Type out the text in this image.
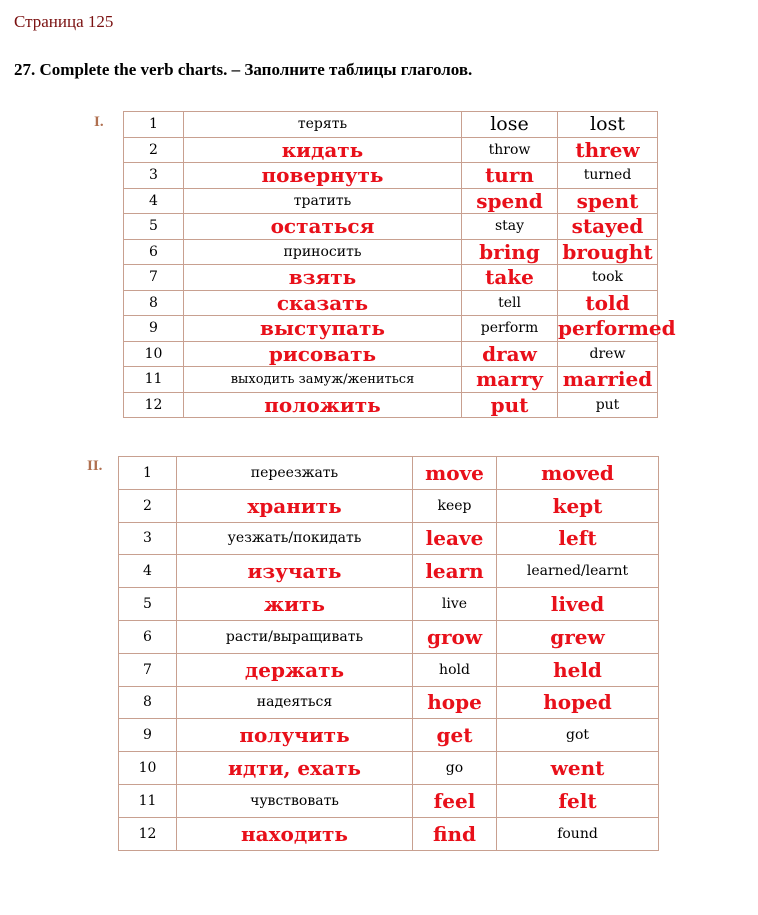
Страница 125
27. Complete the verb charts. – Заполните таблицы глаголов.
I.	1	терять	lose	lost
2	кидать	throw	threw
3	повернуть	turn	turned
4	тратить	spend	spent
5	остаться	stay	stayed
6	приносить	bring	brought
7	взять	take	took
8	сказать	tell	told
9	выступать	perform	performed
10	рисовать	draw	drew
11	выходить замуж/жениться	marry	married
12	положить	put	put
II.	1	переезжать	move	moved
2	хранить	keep	kept
3	уезжать/покидать	leave	left
4	изучать	learn	learned/learnt
5	жить	live	lived
6	расти/выращивать	grow	grew
7	держать	hold	held
8	надеяться	hope	hoped
9	получить	get	got
10	идти, ехать	go	went
11	чувствовать	feel	felt
12	находить	find	found
